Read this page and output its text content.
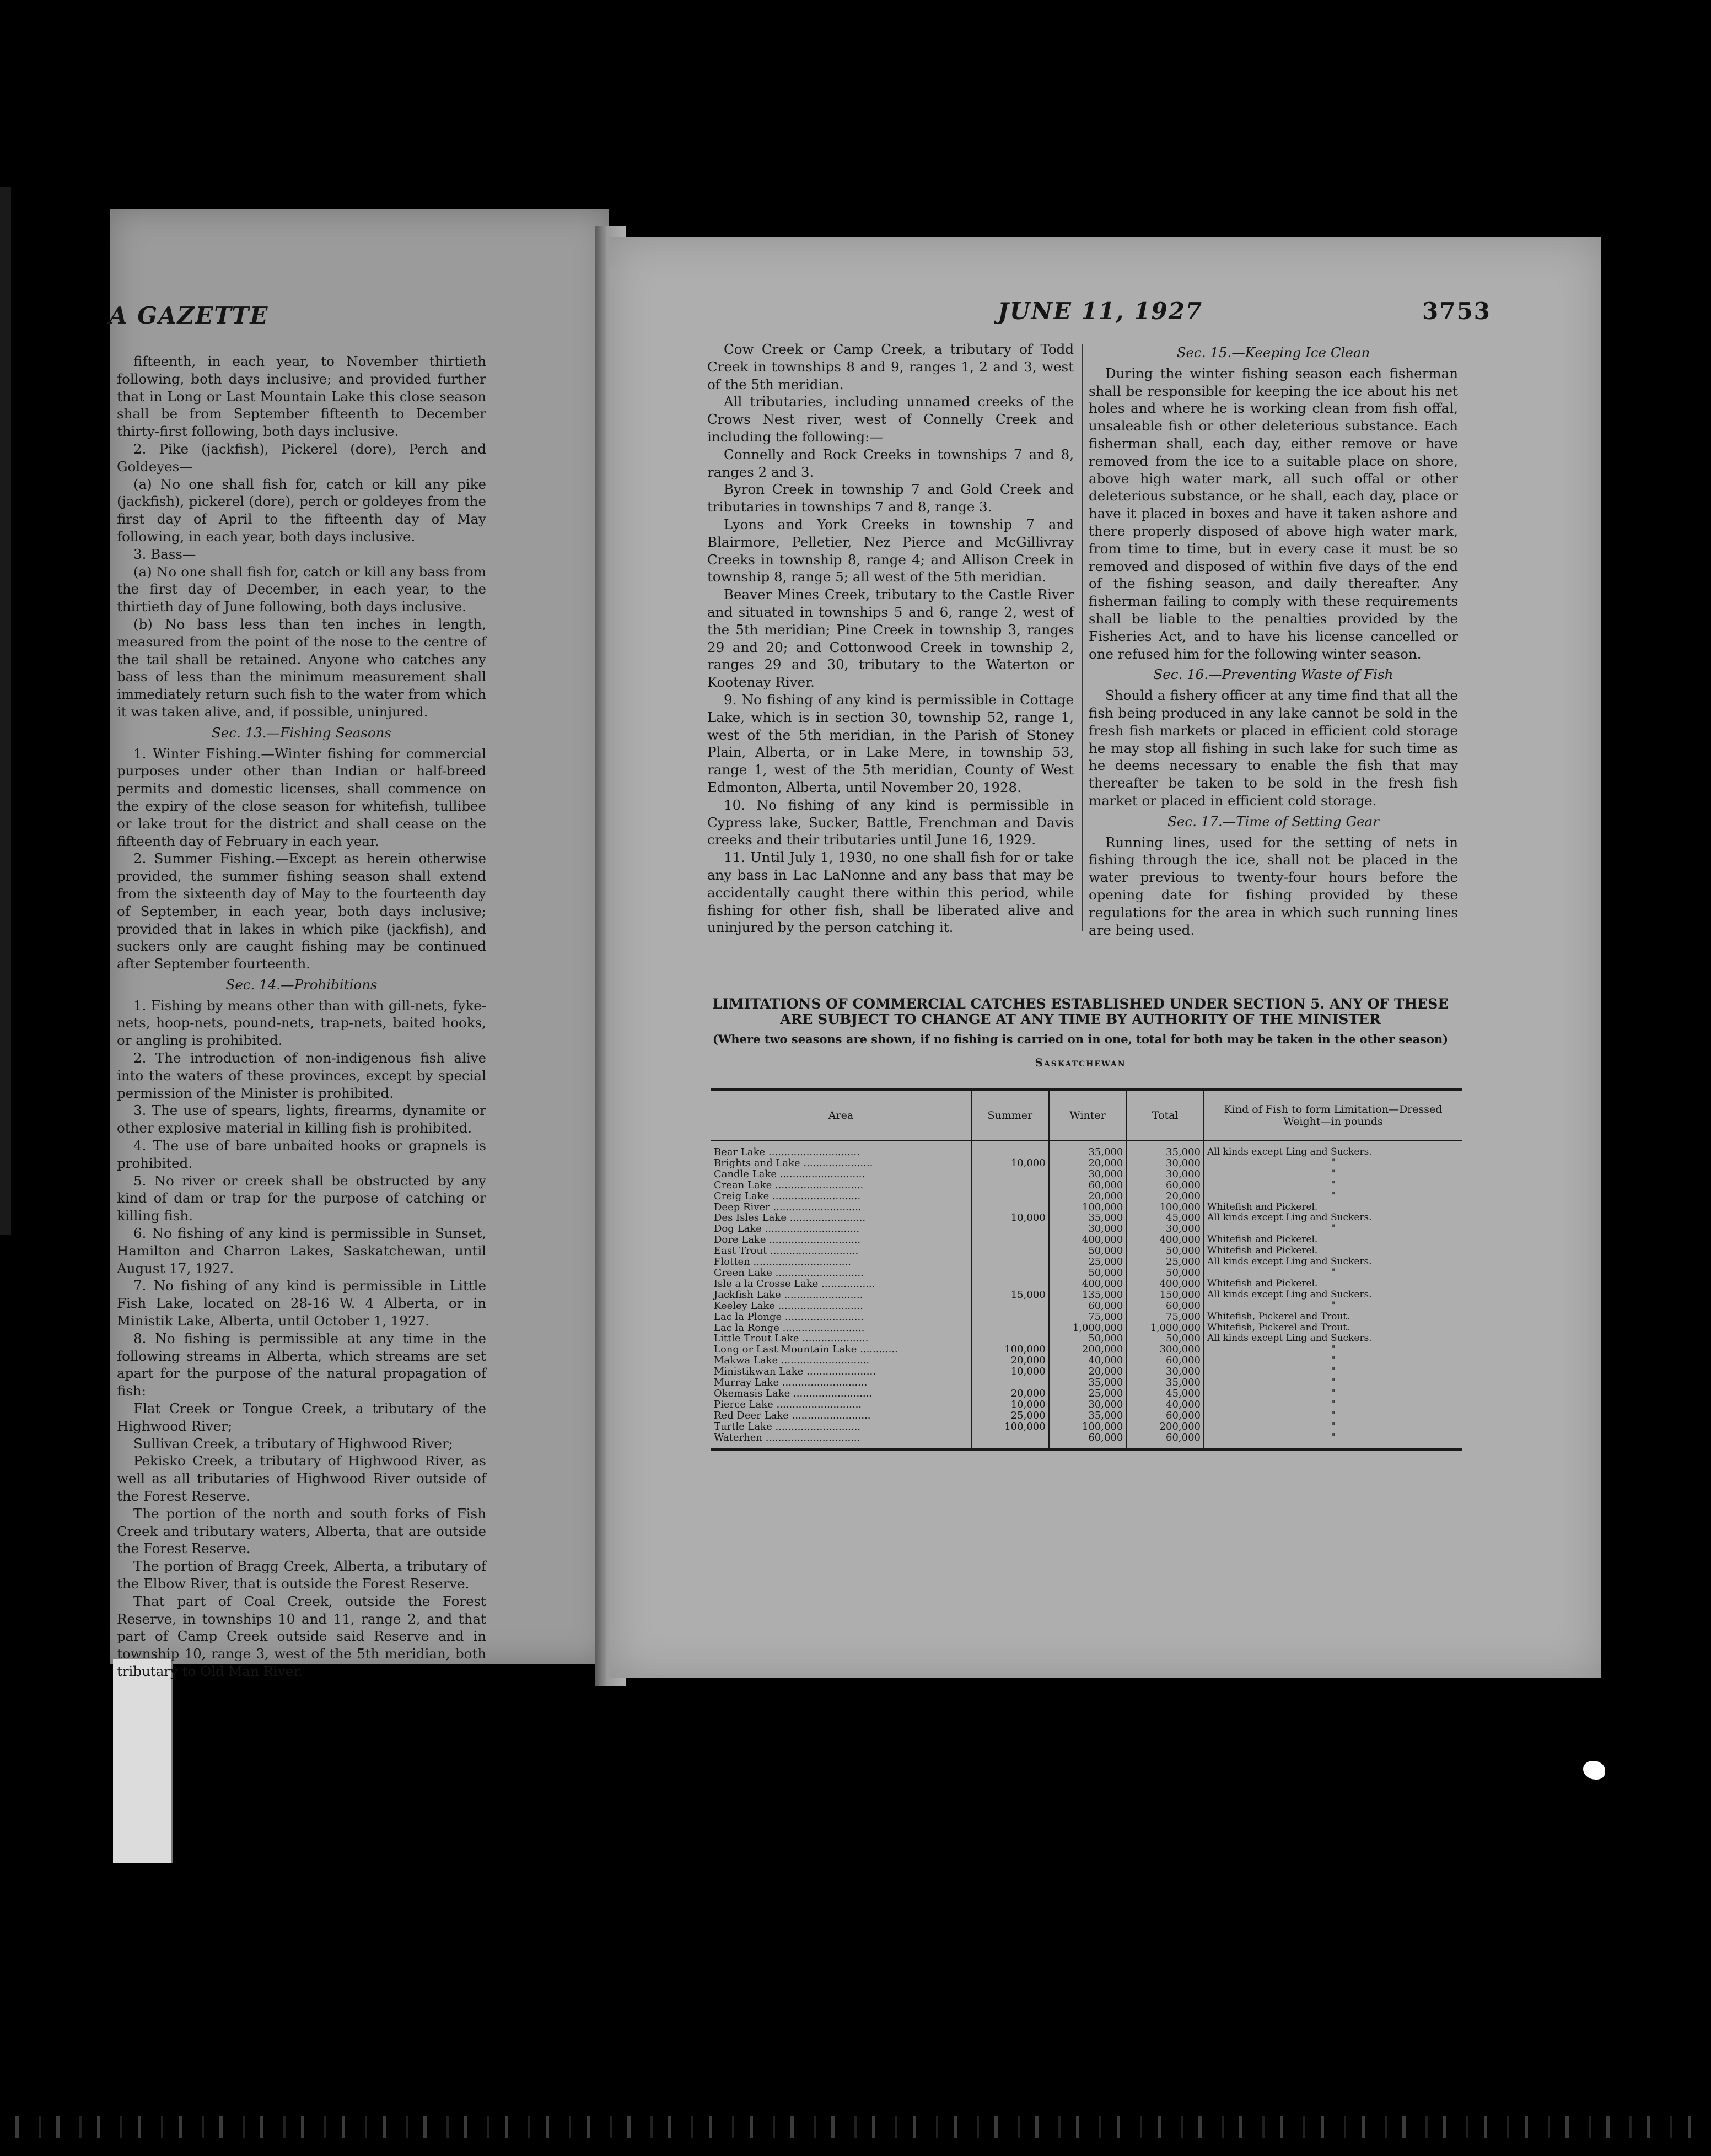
A GAZETTE

fifteenth, in each year, to November thirtieth following, both days inclusive; and provided further that in Long or Last Mountain Lake this close season shall be from September fifteenth to December thirty-first following, both days inclusive.

2. Pike (jackfish), Pickerel (dore), Perch and Goldeyes—

(a) No one shall fish for, catch or kill any pike (jackfish), pickerel (dore), perch or goldeyes from the first day of April to the fifteenth day of May following, in each year, both days inclusive.

3. Bass—

(a) No one shall fish for, catch or kill any bass from the first day of December, in each year, to the thirtieth day of June following, both days inclusive.

(b) No bass less than ten inches in length, measured from the point of the nose to the centre of the tail shall be retained. Anyone who catches any bass of less than the minimum measurement shall immediately return such fish to the water from which it was taken alive, and, if possible, uninjured.

Sec. 13.—Fishing Seasons

1. Winter Fishing.—Winter fishing for commercial purposes under other than Indian or half-breed permits and domestic licenses, shall commence on the expiry of the close season for whitefish, tullibee or lake trout for the district and shall cease on the fifteenth day of February in each year.

2. Summer Fishing.—Except as herein otherwise provided, the summer fishing season shall extend from the sixteenth day of May to the fourteenth day of September, in each year, both days inclusive; provided that in lakes in which pike (jackfish), and suckers only are caught fishing may be continued after September fourteenth.

Sec. 14.—Prohibitions

1. Fishing by means other than with gill-nets, fyke-nets, hoop-nets, pound-nets, trap-nets, baited hooks, or angling is prohibited.

2. The introduction of non-indigenous fish alive into the waters of these provinces, except by special permission of the Minister is prohibited.

3. The use of spears, lights, firearms, dynamite or other explosive material in killing fish is prohibited.

4. The use of bare unbaited hooks or grapnels is prohibited.

5. No river or creek shall be obstructed by any kind of dam or trap for the purpose of catching or killing fish.

6. No fishing of any kind is permissible in Sunset, Hamilton and Charron Lakes, Saskatchewan, until August 17, 1927.

7. No fishing of any kind is permissible in Little Fish Lake, located on 28-16 W. 4 Alberta, or in Ministik Lake, Alberta, until October 1, 1927.

8. No fishing is permissible at any time in the following streams in Alberta, which streams are set apart for the purpose of the natural propagation of fish:

Flat Creek or Tongue Creek, a tributary of the Highwood River;

Sullivan Creek, a tributary of Highwood River;

Pekisko Creek, a tributary of Highwood River, as well as all tributaries of Highwood River outside of the Forest Reserve.

The portion of the north and south forks of Fish Creek and tributary waters, Alberta, that are outside the Forest Reserve.

The portion of Bragg Creek, Alberta, a tributary of the Elbow River, that is outside the Forest Reserve.

That part of Coal Creek, outside the Forest Reserve, in townships 10 and 11, range 2, and that part of Camp Creek outside said Reserve and in township 10, range 3, west of the 5th meridian, both tributary to Old Man River.

JUNE 11, 1927	3753

Cow Creek or Camp Creek, a tributary of Todd Creek in townships 8 and 9, ranges 1, 2 and 3, west of the 5th meridian.

All tributaries, including unnamed creeks of the Crows Nest river, west of Connelly Creek and including the following:—

Connelly and Rock Creeks in townships 7 and 8, ranges 2 and 3.

Byron Creek in township 7 and Gold Creek and tributaries in townships 7 and 8, range 3.

Lyons and York Creeks in township 7 and Blairmore, Pelletier, Nez Pierce and McGillivray Creeks in township 8, range 4; and Allison Creek in township 8, range 5; all west of the 5th meridian.

Beaver Mines Creek, tributary to the Castle River and situated in townships 5 and 6, range 2, west of the 5th meridian; Pine Creek in township 3, ranges 29 and 20; and Cottonwood Creek in township 2, ranges 29 and 30, tributary to the Waterton or Kootenay River.

9. No fishing of any kind is permissible in Cottage Lake, which is in section 30, township 52, range 1, west of the 5th meridian, in the Parish of Stoney Plain, Alberta, or in Lake Mere, in township 53, range 1, west of the 5th meridian, County of West Edmonton, Alberta, until November 20, 1928.

10. No fishing of any kind is permissible in Cypress lake, Sucker, Battle, Frenchman and Davis creeks and their tributaries until June 16, 1929.

11. Until July 1, 1930, no one shall fish for or take any bass in Lac LaNonne and any bass that may be accidentally caught there within this period, while fishing for other fish, shall be liberated alive and uninjured by the person catching it.

Sec. 15.—Keeping Ice Clean

During the winter fishing season each fisherman shall be responsible for keeping the ice about his net holes and where he is working clean from fish offal, unsaleable fish or other deleterious substance. Each fisherman shall, each day, either remove or have removed from the ice to a suitable place on shore, above high water mark, all such offal or other deleterious substance, or he shall, each day, place or have it placed in boxes and have it taken ashore and there properly disposed of above high water mark, from time to time, but in every case it must be so removed and disposed of within five days of the end of the fishing season, and daily thereafter. Any fisherman failing to comply with these requirements shall be liable to the penalties provided by the Fisheries Act, and to have his license cancelled or one refused him for the following winter season.

Sec. 16.—Preventing Waste of Fish

Should a fishery officer at any time find that all the fish being produced in any lake cannot be sold in the fresh fish markets or placed in efficient cold storage he may stop all fishing in such lake for such time as he deems necessary to enable the fish that may thereafter be taken to be sold in the fresh fish market or placed in efficient cold storage.

Sec. 17.—Time of Setting Gear

Running lines, used for the setting of nets in fishing through the ice, shall not be placed in the water previous to twenty-four hours before the opening date for fishing provided by these regulations for the area in which such running lines are being used.

LIMITATIONS OF COMMERCIAL CATCHES ESTABLISHED UNDER SECTION 5. ANY OF THESE ARE SUBJECT TO CHANGE AT ANY TIME BY AUTHORITY OF THE MINISTER
(Where two seasons are shown, if no fishing is carried on in one, total for both may be taken in the other season)
Saskatchewan
Area	Summer	Winter	Total	Kind of Fish to form Limitation—Dressed Weight—in pounds
Bear Lake .............................		35,000	35,000	All kinds except Ling and Suckers.
Brights and Lake ......................	10,000	20,000	30,000	"
Candle Lake ...........................		30,000	30,000	"
Crean Lake ............................		60,000	60,000	"
Creig Lake ............................		20,000	20,000	"
Deep River ............................		100,000	100,000	Whitefish and Pickerel.
Des Isles Lake ........................	10,000	35,000	45,000	All kinds except Ling and Suckers.
Dog Lake ..............................		30,000	30,000	"
Dore Lake .............................		400,000	400,000	Whitefish and Pickerel.
East Trout ............................		50,000	50,000	Whitefish and Pickerel.
Flotten ...............................		25,000	25,000	All kinds except Ling and Suckers.
Green Lake ............................		50,000	50,000	"
Isle a la Crosse Lake .................		400,000	400,000	Whitefish and Pickerel.
Jackfish Lake .........................	15,000	135,000	150,000	All kinds except Ling and Suckers.
Keeley Lake ...........................		60,000	60,000	"
Lac la Plonge .........................		75,000	75,000	Whitefish, Pickerel and Trout.
Lac la Ronge ..........................		1,000,000	1,000,000	Whitefish, Pickerel and Trout.
Little Trout Lake .....................		50,000	50,000	All kinds except Ling and Suckers.
Long or Last Mountain Lake ............	100,000	200,000	300,000	"
Makwa Lake ............................	20,000	40,000	60,000	"
Ministikwan Lake ......................	10,000	20,000	30,000	"
Murray Lake ...........................		35,000	35,000	"
Okemasis Lake .........................	20,000	25,000	45,000	"
Pierce Lake ...........................	10,000	30,000	40,000	"
Red Deer Lake .........................	25,000	35,000	60,000	"
Turtle Lake ...........................	100,000	100,000	200,000	"
Waterhen ..............................		60,000	60,000	"
